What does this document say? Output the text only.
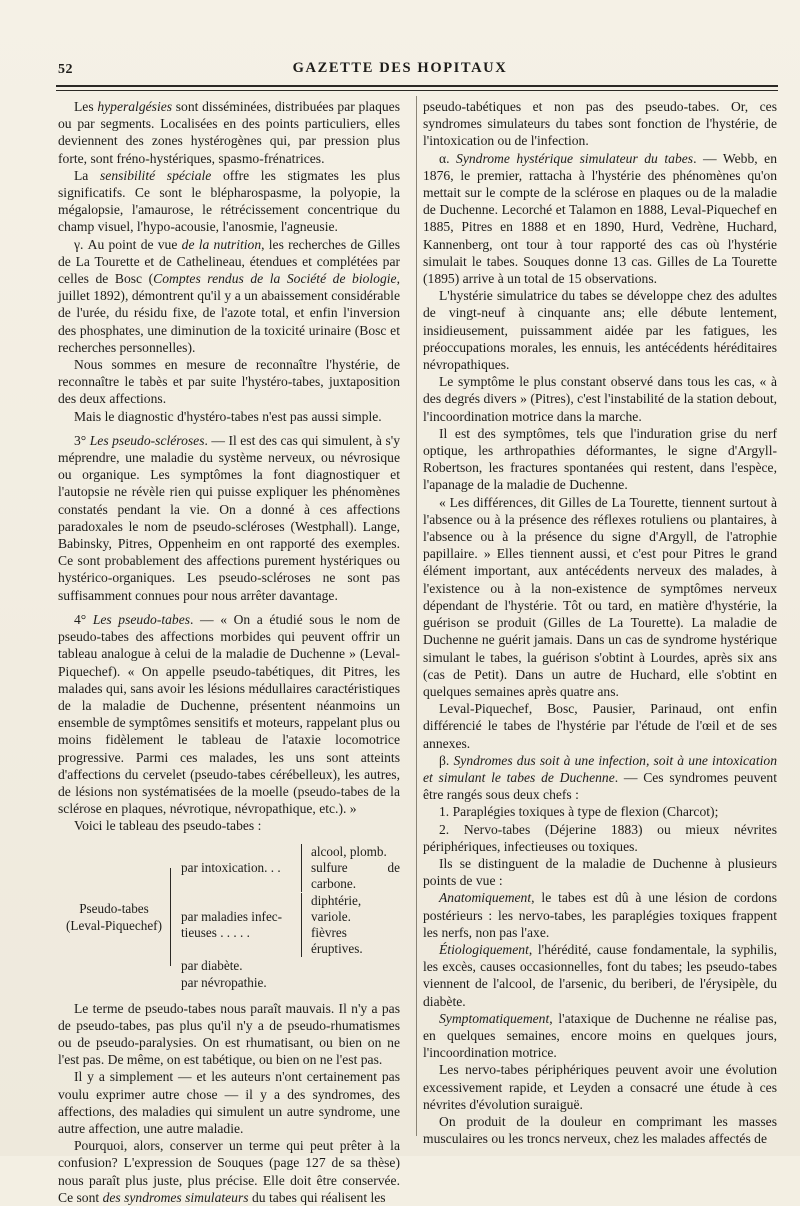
52	GAZETTE DES HOPITAUX

Les hyperalgésies sont disséminées, distribuées par plaques ou par segments. Localisées en des points particuliers, elles deviennent des zones hystérogènes qui, par pression plus forte, sont fréno-hystériques, spasmo-frénatrices.

La sensibilité spéciale offre les stigmates les plus significatifs. Ce sont le blépharospasme, la polyopie, la mégalopsie, l'amaurose, le rétrécissement concentrique du champ visuel, l'hypo-acousie, l'anosmie, l'agneusie.

γ. Au point de vue de la nutrition, les recherches de Gilles de La Tourette et de Cathelineau, étendues et complétées par celles de Bosc (Comptes rendus de la Société de biologie, juillet 1892), démontrent qu'il y a un abaissement considérable de l'urée, du résidu fixe, de l'azote total, et enfin l'inversion des phosphates, une diminution de la toxicité urinaire (Bosc et recherches personnelles).

Nous sommes en mesure de reconnaître l'hystérie, de reconnaître le tabès et par suite l'hystéro-tabes, juxtaposition des deux affections.

Mais le diagnostic d'hystéro-tabes n'est pas aussi simple.

3° Les pseudo-scléroses. — Il est des cas qui simulent, à s'y méprendre, une maladie du système nerveux, ou névrosique ou organique. Les symptômes la font diagnostiquer et l'autopsie ne révèle rien qui puisse expliquer les phénomènes constatés pendant la vie. On a donné à ces affections paradoxales le nom de pseudo-scléroses (Westphall). Lange, Babinsky, Pitres, Oppenheim en ont rapporté des exemples. Ce sont probablement des affections purement hystériques ou hystérico-organiques. Les pseudo-scléroses ne sont pas suffisamment connues pour nous arrêter davantage.

4° Les pseudo-tabes. — « On a étudié sous le nom de pseudo-tabes des affections morbides qui peuvent offrir un tableau analogue à celui de la maladie de Duchenne » (Leval-Piquechef). « On appelle pseudo-tabétiques, dit Pitres, les malades qui, sans avoir les lésions médullaires caractéristiques de la maladie de Duchenne, présentent néanmoins un ensemble de symptômes sensitifs et moteurs, rappelant plus ou moins fidèlement le tableau de l'ataxie locomotrice progressive. Parmi ces malades, les uns sont atteints d'affections du cervelet (pseudo-tabes cérébelleux), les autres, de lésions non systématisées de la moelle (pseudo-tabes de la sclérose en plaques, névrotique, névropathique, etc.). »

Voici le tableau des pseudo-tabes :

Pseudo-tabes
(Leval-Piquechef)
par intoxication. . .
alcool, plomb.
sulfure de carbone.
par maladies infec-
tieuses . . . . .
diphtérie, variole.
fièvres éruptives.
par diabète.
par névropathie.

Le terme de pseudo-tabes nous paraît mauvais. Il n'y a pas de pseudo-tabes, pas plus qu'il n'y a de pseudo-rhumatismes ou de pseudo-paralysies. On est rhumatisant, ou bien on ne l'est pas. De même, on est tabétique, ou bien on ne l'est pas.

Il y a simplement — et les auteurs n'ont certainement pas voulu exprimer autre chose — il y a des syndromes, des affections, des maladies qui simulent un autre syndrome, une autre affection, une autre maladie.

Pourquoi, alors, conserver un terme qui peut prêter à la confusion? L'expression de Souques (page 127 de sa thèse) nous paraît plus juste, plus précise. Elle doit être conservée. Ce sont des syndromes simulateurs du tabes qui réalisent les

pseudo-tabétiques et non pas des pseudo-tabes. Or, ces syndromes simulateurs du tabes sont fonction de l'hystérie, de l'intoxication ou de l'infection.

α. Syndrome hystérique simulateur du tabes. — Webb, en 1876, le premier, rattacha à l'hystérie des phénomènes qu'on mettait sur le compte de la sclérose en plaques ou de la maladie de Duchenne. Lecorché et Talamon en 1888, Leval-Piquechef en 1885, Pitres en 1888 et en 1890, Hurd, Vedrène, Huchard, Kannenberg, ont tour à tour rapporté des cas où l'hystérie simulait le tabes. Souques donne 13 cas. Gilles de La Tourette (1895) arrive à un total de 15 observations.

L'hystérie simulatrice du tabes se développe chez des adultes de vingt-neuf à cinquante ans; elle débute lentement, insidieusement, puissamment aidée par les fatigues, les préoccupations morales, les ennuis, les antécédents héréditaires névropathiques.

Le symptôme le plus constant observé dans tous les cas, « à des degrés divers » (Pitres), c'est l'instabilité de la station debout, l'incoordination motrice dans la marche.

Il est des symptômes, tels que l'induration grise du nerf optique, les arthropathies déformantes, le signe d'Argyll-Robertson, les fractures spontanées qui restent, dans l'espèce, l'apanage de la maladie de Duchenne.

« Les différences, dit Gilles de La Tourette, tiennent surtout à l'absence ou à la présence des réflexes rotuliens ou plantaires, à l'absence ou à la présence du signe d'Argyll, de l'atrophie papillaire. » Elles tiennent aussi, et c'est pour Pitres le grand élément important, aux antécédents nerveux des malades, à l'existence ou à la non-existence de symptômes nerveux dépendant de l'hystérie. Tôt ou tard, en matière d'hystérie, la guérison se produit (Gilles de La Tourette). La maladie de Duchenne ne guérit jamais. Dans un cas de syndrome hystérique simulant le tabes, la guérison s'obtint à Lourdes, après six ans (cas de Petit). Dans un autre de Huchard, elle s'obtint en quelques semaines après quatre ans.

Leval-Piquechef, Bosc, Pausier, Parinaud, ont enfin différencié le tabes de l'hystérie par l'étude de l'œil et de ses annexes.

β. Syndromes dus soit à une infection, soit à une intoxication et simulant le tabes de Duchenne. — Ces syndromes peuvent être rangés sous deux chefs :

1. Paraplégies toxiques à type de flexion (Charcot);

2. Nervo-tabes (Déjerine 1883) ou mieux névrites périphériques, infectieuses ou toxiques.

Ils se distinguent de la maladie de Duchenne à plusieurs points de vue :

Anatomiquement, le tabes est dû à une lésion de cordons postérieurs : les nervo-tabes, les paraplégies toxiques frappent les nerfs, non pas l'axe.

Étiologiquement, l'hérédité, cause fondamentale, la syphilis, les excès, causes occasionnelles, font du tabes; les pseudo-tabes viennent de l'alcool, de l'arsenic, du beriberi, de l'érysipèle, du diabète.

Symptomatiquement, l'ataxique de Duchenne ne réalise pas, en quelques semaines, encore moins en quelques jours, l'incoordination motrice.

Les nervo-tabes périphériques peuvent avoir une évolution excessivement rapide, et Leyden a consacré une étude à ces névrites d'évolution suraiguë.

On produit de la douleur en comprimant les masses musculaires ou les troncs nerveux, chez les malades affectés de
